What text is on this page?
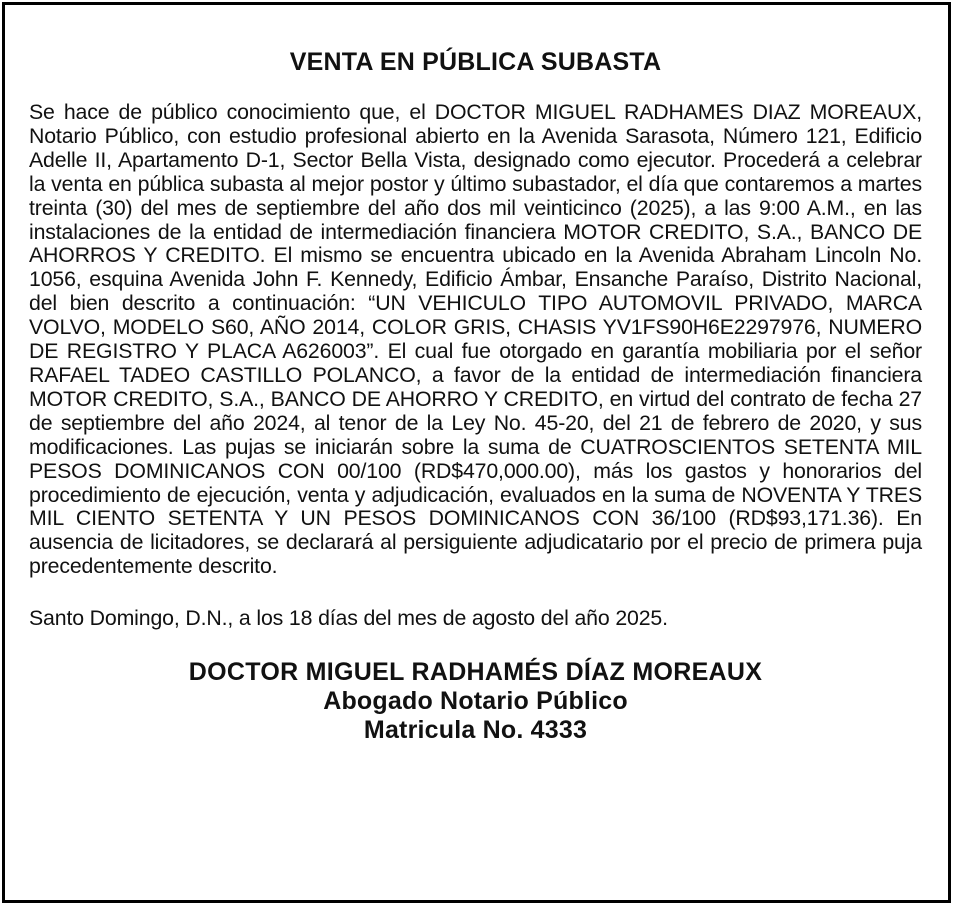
VENTA EN PÚBLICA SUBASTA

Se hace de público conocimiento que, el DOCTOR MIGUEL RADHAMES DIAZ MOREAUX, Notario Público, con estudio profesional abierto en la Avenida Sarasota, Número 121, Edificio Adelle II, Apartamento D-1, Sector Bella Vista, designado como ejecutor. Procederá a celebrar la venta en pública subasta al mejor postor y último subastador, el día que contaremos a martes treinta (30) del mes de septiembre del año dos mil veinticinco (2025), a las 9:00 A.M., en las instalaciones de la entidad de intermediación financiera MOTOR CREDITO, S.A., BANCO DE AHORROS Y CREDITO. El mismo se encuentra ubicado en la Avenida Abraham Lincoln No. 1056, esquina Avenida John F. Kennedy, Edificio Ámbar, Ensanche Paraíso, Distrito Nacional, del bien descrito a continuación: “UN VEHICULO TIPO AUTOMOVIL PRIVADO, MARCA VOLVO, MODELO S60, AÑO 2014, COLOR GRIS, CHASIS YV1FS90H6E2297976, NUMERO DE REGISTRO Y PLACA A626003”. El cual fue otorgado en garantía mobiliaria por el señor RAFAEL TADEO CASTILLO POLANCO, a favor de la entidad de intermediación financiera MOTOR CREDITO, S.A., BANCO DE AHORRO Y CREDITO, en virtud del contrato de fecha 27 de septiembre del año 2024, al tenor de la Ley No. 45-20, del 21 de febrero de 2020, y sus modificaciones. Las pujas se iniciarán sobre la suma de CUATROSCIENTOS SETENTA MIL PESOS DOMINICANOS CON 00/100 (RD$470,000.00), más los gastos y honorarios del procedimiento de ejecución, venta y adjudicación, evaluados en la suma de NOVENTA Y TRES MIL CIENTO SETENTA Y UN PESOS DOMINICANOS CON 36/100 (RD$93,171.36). En ausencia de licitadores, se declarará al persiguiente adjudicatario por el precio de primera puja precedentemente descrito.

Santo Domingo, D.N., a los 18 días del mes de agosto del año 2025.

DOCTOR MIGUEL RADHAMÉS DÍAZ MOREAUX
Abogado Notario Público
Matricula No. 4333
